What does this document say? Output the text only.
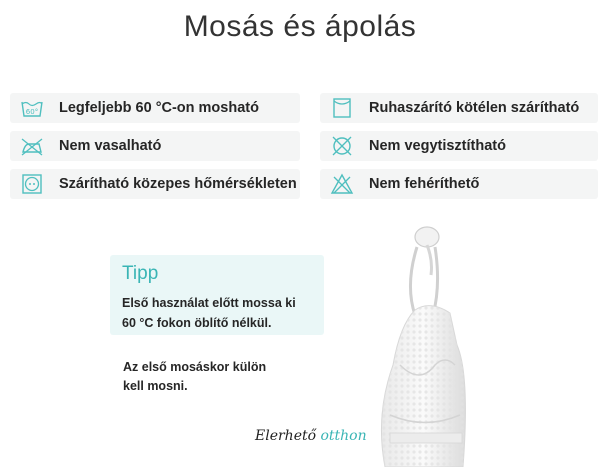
Mosás és ápolás
60° Legfeljebb 60 °C-on mosható
Nem vasalható
Szárítható közepes hőmérsékleten
Ruhaszárító kötélen szárítható
Nem vegytisztítható
Nem fehéríthető
Tipp
Első használat előtt mossa ki
60 °C fokon öblítő nélkül.
Az első mosáskor külön
kell mosni.
Elerhető otthon
